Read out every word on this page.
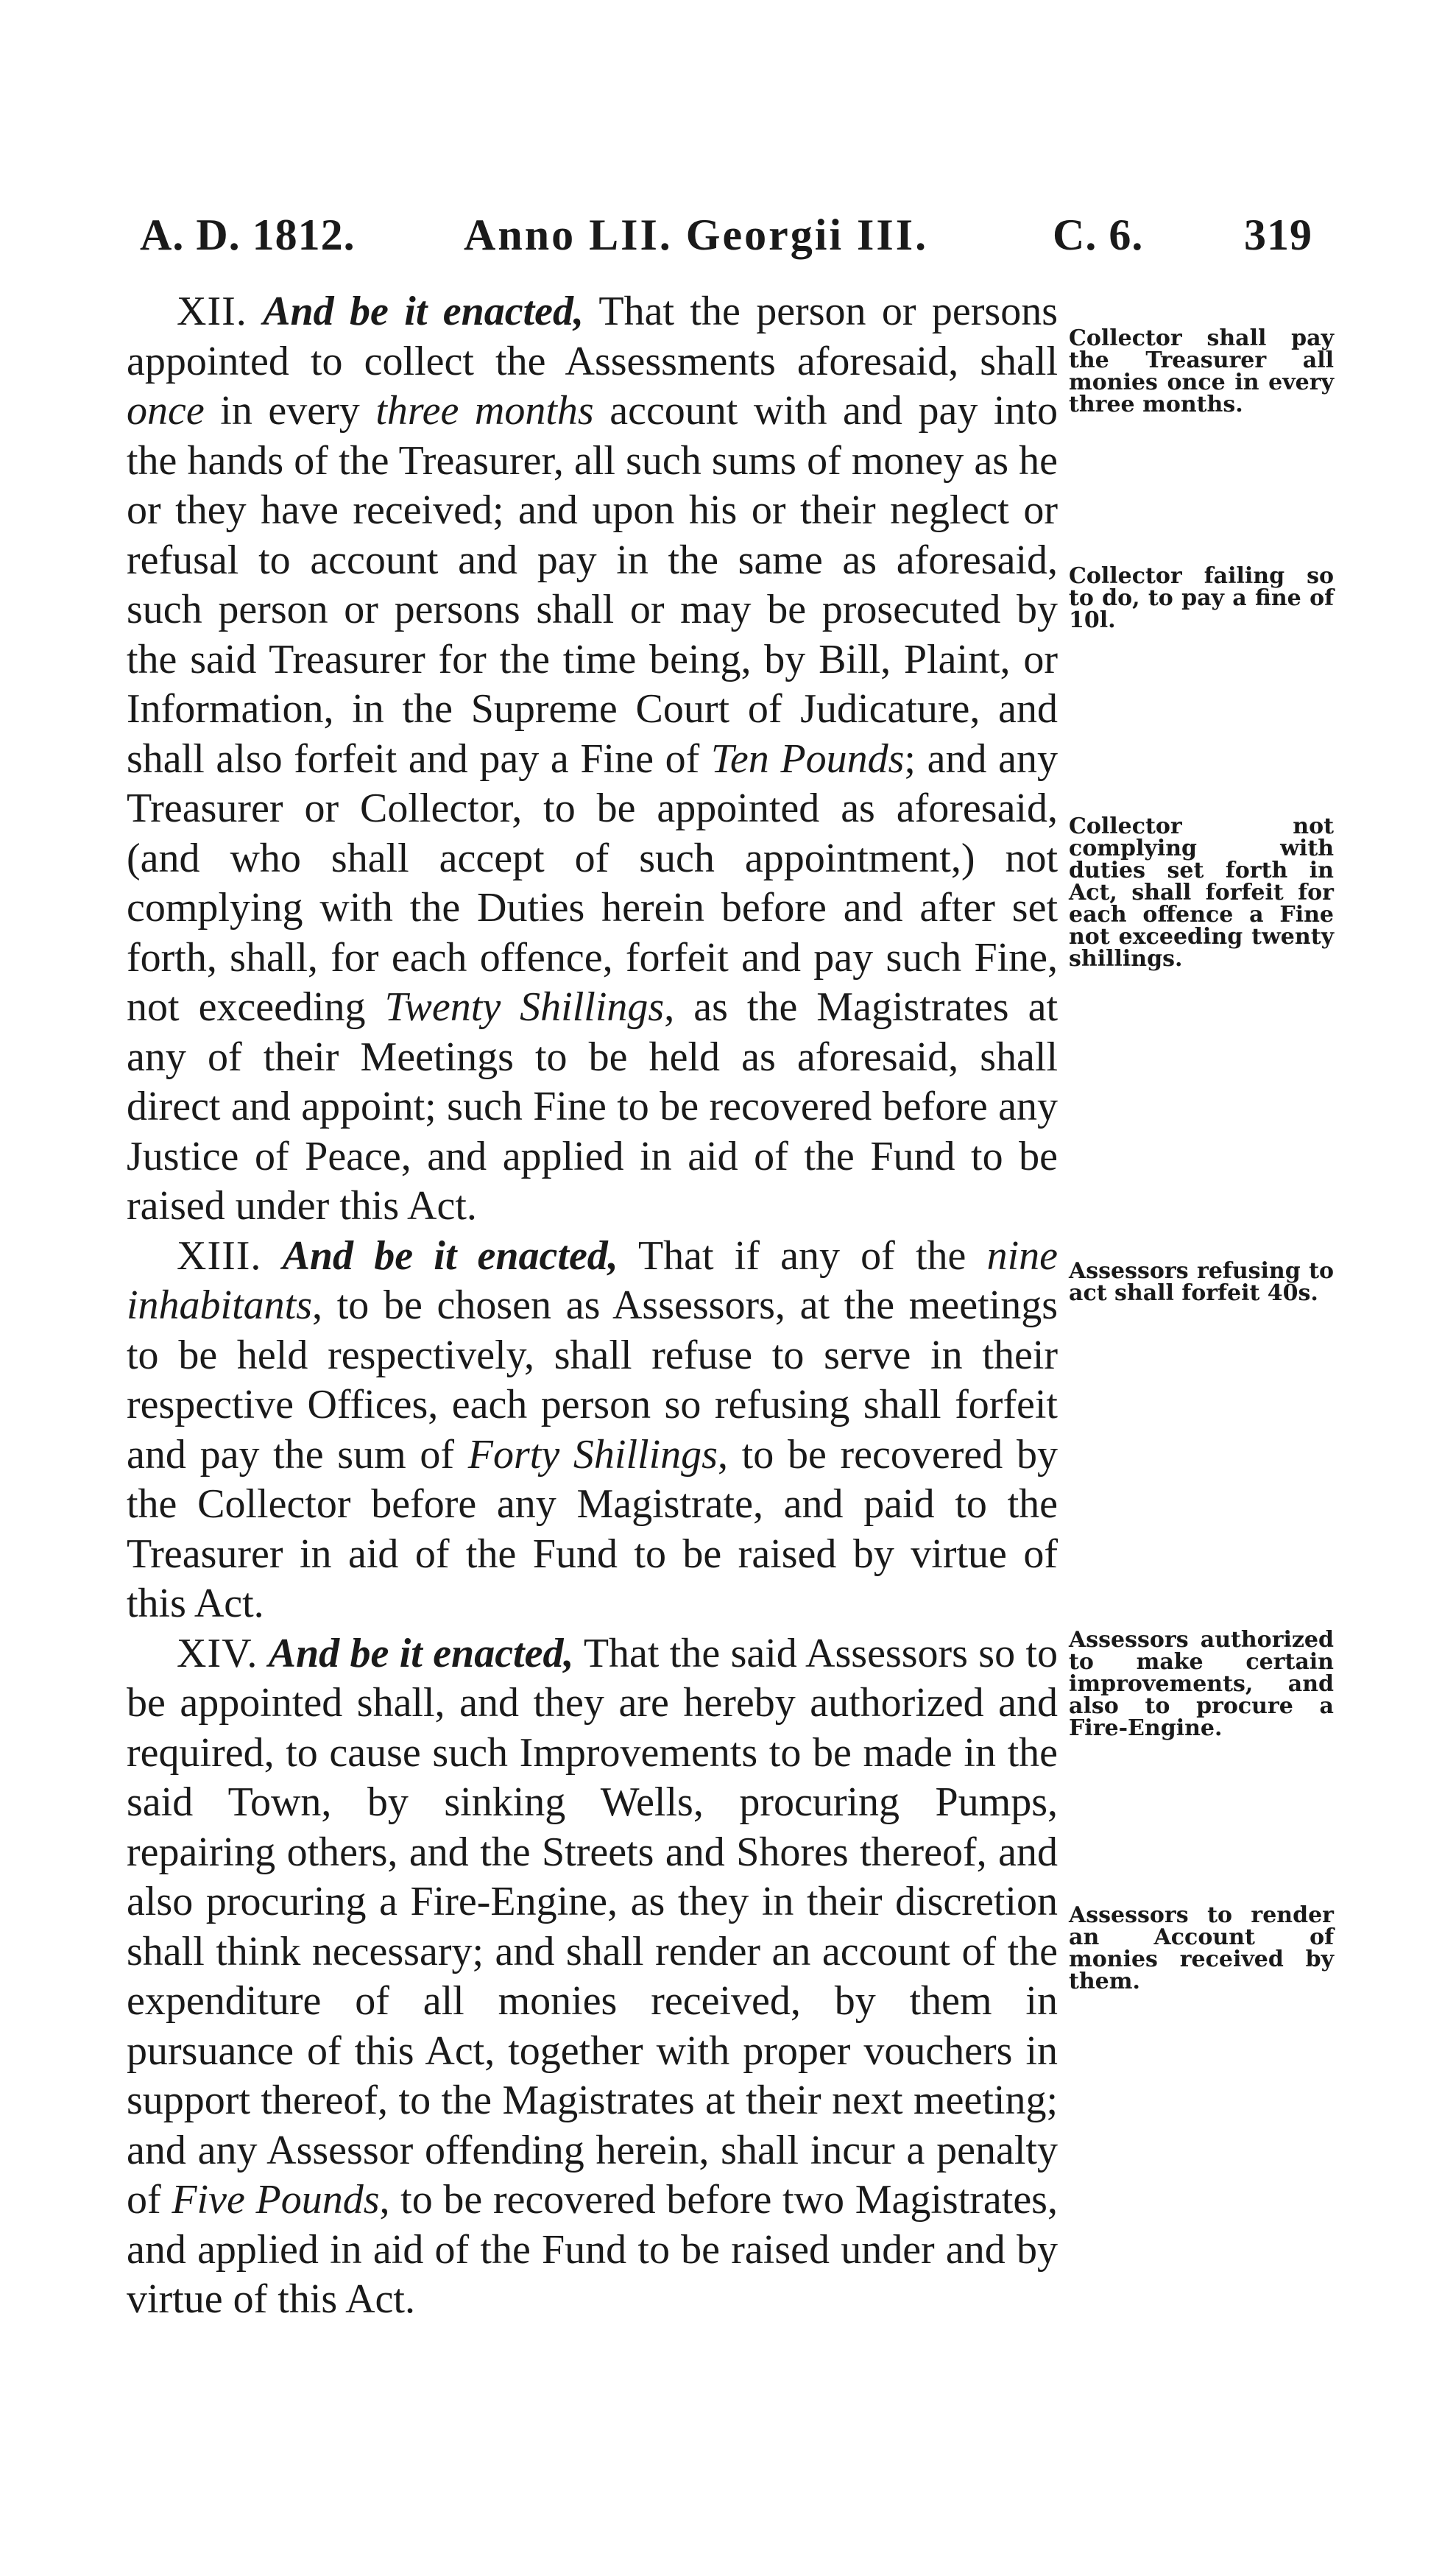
A. D. 1812. Anno LII. Georgii III.	C. 6. 319

XII. And be it enacted, That the person or persons appointed to collect the Assessments aforesaid, shall once in every three months account with and pay into the hands of the Treasurer, all such sums of money as he or they have received; and upon his or their neglect or refusal to account and pay in the same as aforesaid, such person or persons shall or may be prosecuted by the said Treasurer for the time being, by Bill, Plaint, or Information, in the Supreme Court of Judicature, and shall also forfeit and pay a Fine of Ten Pounds; and any Treasurer or Collector, to be appointed as aforesaid, (and who shall accept of such appointment,) not complying with the Duties herein before and after set forth, shall, for each offence, forfeit and pay such Fine, not exceeding Twenty Shillings, as the Magistrates at any of their Meetings to be held as aforesaid, shall direct and appoint; such Fine to be recovered before any Justice of Peace, and applied in aid of the Fund to be raised under this Act.

XIII. And be it enacted, That if any of the nine inhabitants, to be chosen as Assessors, at the meetings to be held respectively, shall refuse to serve in their respective Offices, each person so refusing shall forfeit and pay the sum of Forty Shillings, to be recovered by the Collector before any Magistrate, and paid to the Treasurer in aid of the Fund to be raised by virtue of this Act.

XIV. And be it enacted, That the said Assessors so to be appointed shall, and they are hereby authorized and required, to cause such Improvements to be made in the said Town, by sinking Wells, procuring Pumps, repairing others, and the Streets and Shores thereof, and also procuring a Fire-Engine, as they in their discretion shall think necessary; and shall render an account of the expenditure of all monies received, by them in pursuance of this Act, together with proper vouchers in support thereof, to the Magistrates at their next meeting; and any Assessor offending herein, shall incur a penalty of Five Pounds, to be recovered before two Magistrates, and applied in aid of the Fund to be raised under and by virtue of this Act.

Collector shall pay the Treasurer all monies once in every three months.
Collector failing so to do, to pay a fine of 10l.
Collector not complying with duties set forth in Act, shall forfeit for each offence a Fine not exceeding twenty shillings.
Assessors refusing to act shall forfeit 40s.
Assessors authorized to make certain improvements, and also to procure a Fire-Engine.
Assessors to render an Account of monies received by them.
